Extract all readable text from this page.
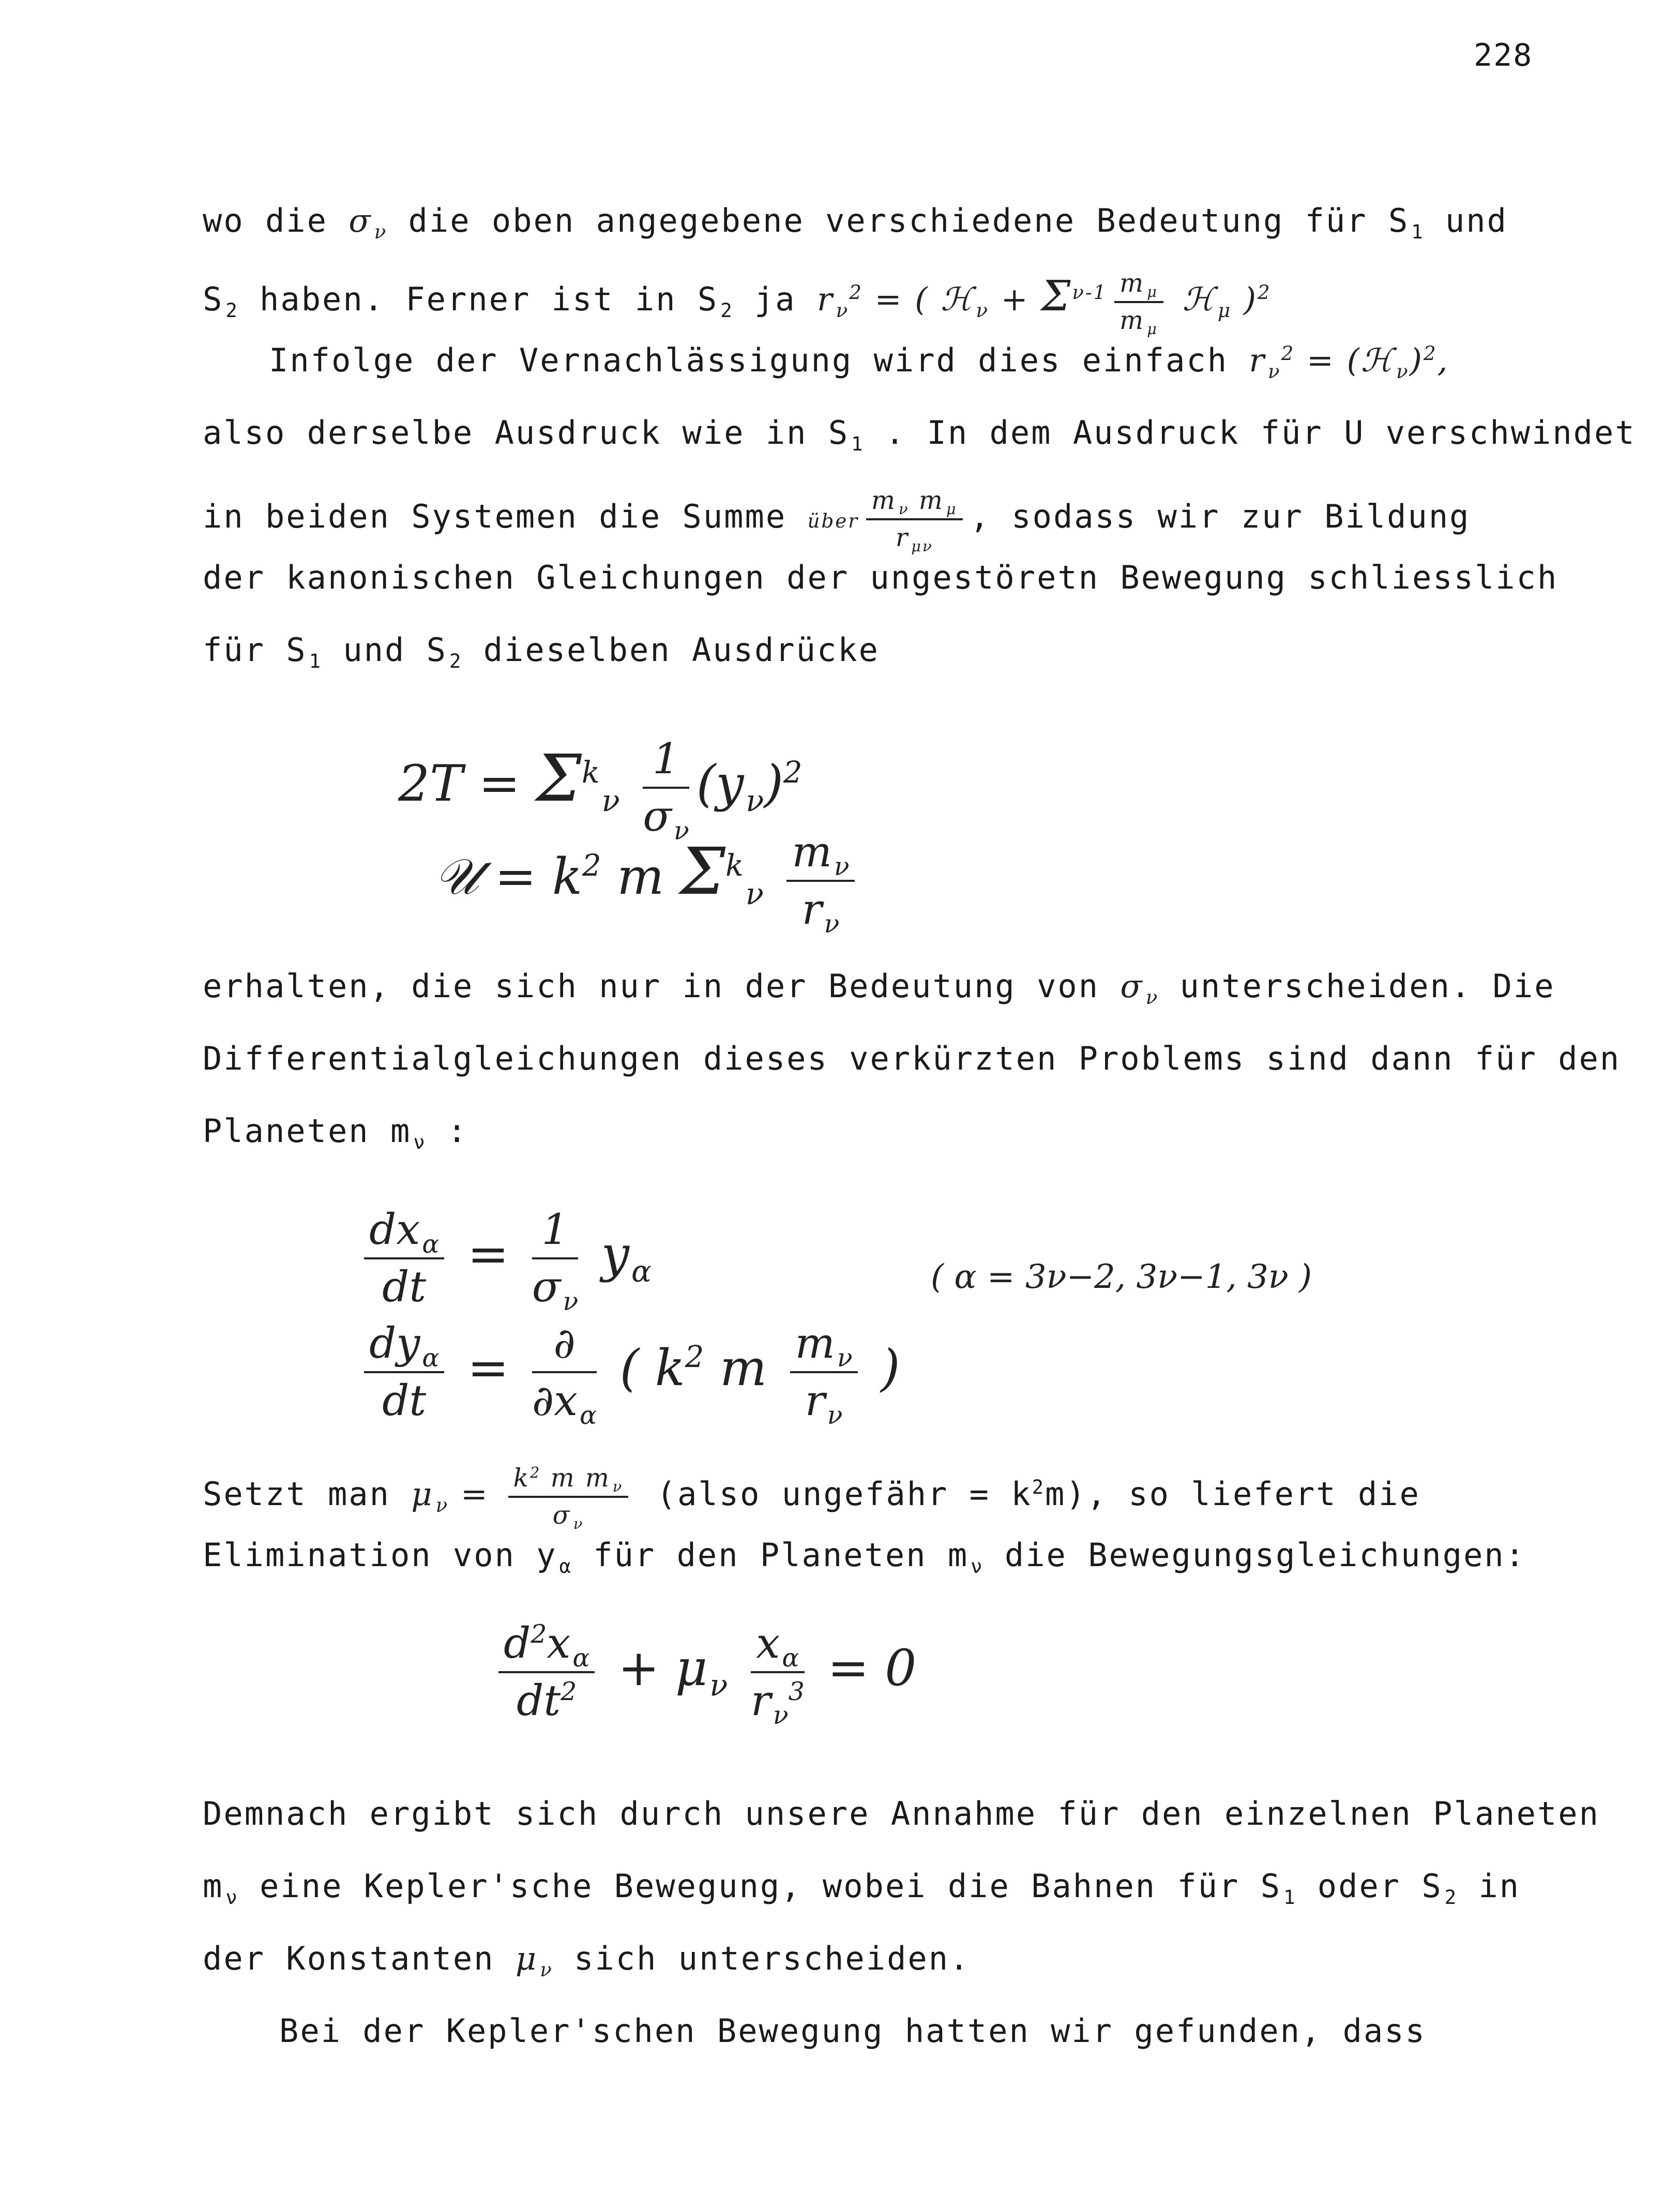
228
wo die σ $_\nu$ die oben angegebene verschiedene Bedeutung für S $_1$ und
S $_2$ haben. Ferner ist in S $_2$ ja r $_\nu^2$ = ( ℋ $_\nu + \Sigma^{\nu-1} \frac{m _\mu}{m _\mu}$ ℋ $_\mu$ )$^2$
Infolge der Vernachlässigung wird dies einfach r $_\nu^2$ = (ℋ $_\nu$)$^2$,
also derselbe Ausdruck wie in S $_1$ . In dem Ausdruck für U verschwindet
in beiden Systemen die Summe über $\frac{m _\nu m _\mu}{r _{\mu\nu}}$ , sodass wir zur Bildung
der kanonischen Gleichungen der ungestöretn Bewegung schliesslich
für S $_1$ und S $_2$ dieselben Ausdrücke
$2T = \Sigma^k_\nu \frac{1}{\sigma_\nu} (y_\nu)^2$
𝒰 = $k^2$ m $\Sigma^k_\nu \frac{m_\nu}{r_\nu}$
erhalten, die sich nur in der Bedeutung von σ $_\nu$ unterscheiden. Die
Differentialgleichungen dieses verkürzten Problems sind dann für den
Planeten m $_\nu$ :
$\frac{dx_\alpha}{dt} = \frac{1}{\sigma_\nu} y_\alpha$	( α = 3ν−2, 3ν−1, 3ν )
$\frac{dy_\alpha}{dt} = \frac{\partial}{\partial x_\alpha}$ ( $k^2$ m $\frac{m_\nu}{r_\nu}$ )
Setzt man μ $_\nu = \frac{k^2 m m _\nu}{\sigma _\nu}$ (also ungefähr = $k^2m$), so liefert die
Elimination von y $_\alpha$ für den Planeten m $_\nu$ die Bewegungsgleichungen:
$\frac{d^2x_\alpha}{dt^2} + \mu_\nu \frac{x_\alpha}{r_\nu^3} = 0$
Demnach ergibt sich durch unsere Annahme für den einzelnen Planeten
m $_\nu$ eine Kepler'sche Bewegung, wobei die Bahnen für S $_1$ oder S $_2$ in
der Konstanten μ $_\nu$ sich unterscheiden.
Bei der Kepler'schen Bewegung hatten wir gefunden, dass
